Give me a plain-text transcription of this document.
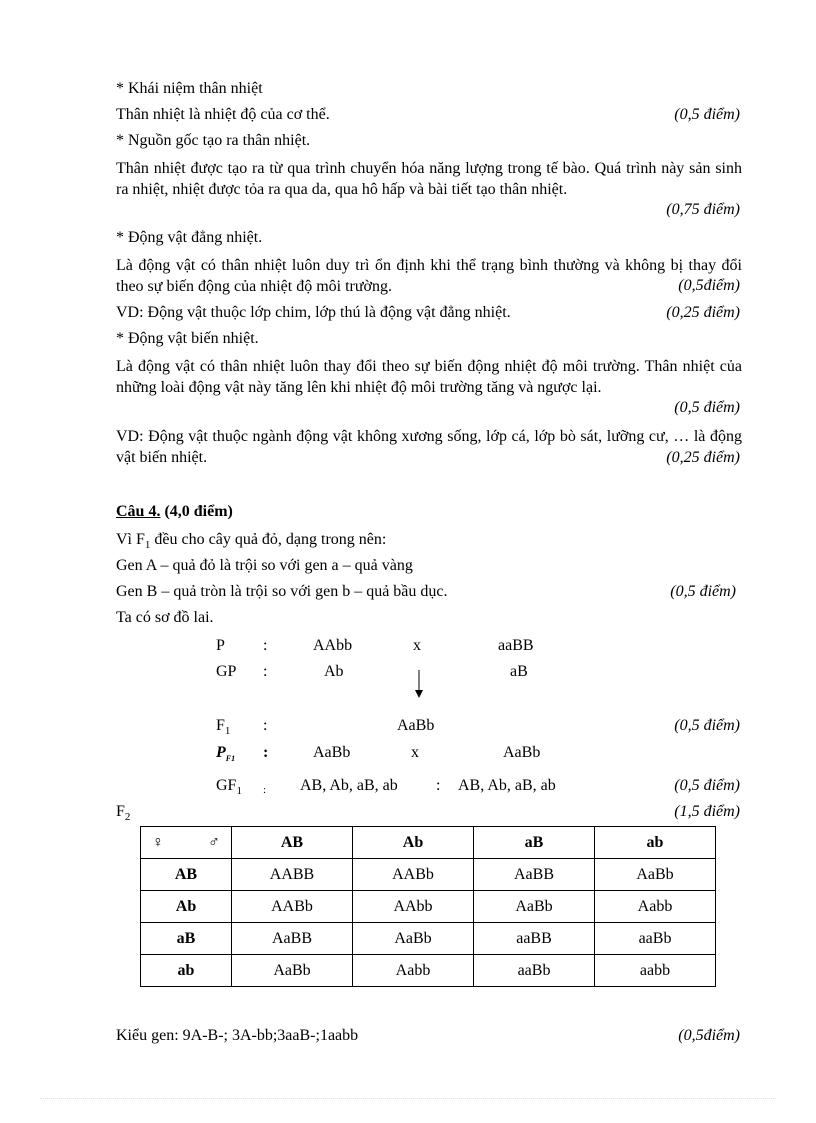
* Khái niệm thân nhiệt
Thân nhiệt là nhiệt độ của cơ thể.	(0,5 điểm)
* Nguồn gốc tạo ra thân nhiệt.
Thân nhiệt được tạo ra từ qua trình chuyển hóa năng lượng trong tế bào. Quá trình này sản sinh ra nhiệt, nhiệt được tỏa ra qua da, qua hô hấp và bài tiết tạo thân nhiệt.
(0,75 điểm)
* Động vật đẳng nhiệt.
Là động vật có thân nhiệt luôn duy trì ổn định khi thể trạng bình thường và không bị thay đổi theo sự biến động của nhiệt độ môi trường.	(0,5điểm)
VD: Động vật thuộc lớp chim, lớp thú là động vật đẳng nhiệt.	(0,25 điểm)
* Động vật biến nhiệt.
Là động vật có thân nhiệt luôn thay đổi theo sự biến động nhiệt độ môi trường. Thân nhiệt của những loài động vật này tăng lên khi nhiệt độ môi trường tăng và ngược lại.
(0,5 điểm)
VD: Động vật thuộc ngành động vật không xương sống, lớp cá, lớp bò sát, lưỡng cư, … là động vật biến nhiệt.	(0,25 điểm)
Câu 4. (4,0 điểm)
Vì $F_1$ đều cho cây quả đỏ, dạng trong nên:
Gen A – quả đỏ là trội so với gen a – quả vàng
Gen B – quả tròn là trội so với gen b – quả bầu dục.	(0,5 điểm)
Ta có sơ đồ lai.
P :	AAbb	x	aaBB
GP :	Ab	aB
$F_1$ :	AaBb	(0,5 điểm)
$P_{F1}$ :	AaBb	x	AaBb
$GF_1$ : AB, Ab, aB, ab : AB, Ab, aB, ab	(0,5 điểm)
$F_2$	(1,5 điểm)
♀ ♂	AB	Ab	aB	ab
AB	AABB	AABb	AaBB	AaBb
Ab	AABb	AAbb	AaBb	Aabb
aB	AaBB	AaBb	aaBB	aaBb
ab	AaBb	Aabb	aaBb	aabb
Kiểu gen: 9A-B-; 3A-bb;3aaB-;1aabb	(0,5điểm)
